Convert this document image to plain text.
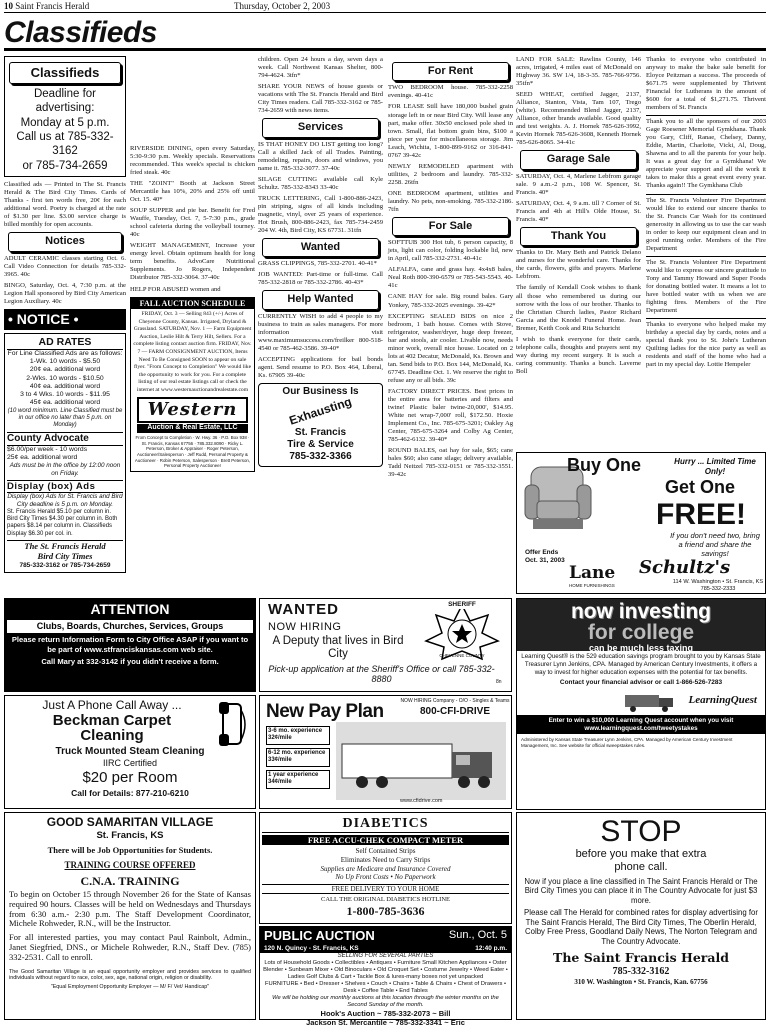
10 Saint Francis Herald	Thursday, October 2, 2003
Classifieds
Classifieds
Deadline for advertising:
Monday at 5 p.m.
Call us at 785-332-3162
or 785-734-2659
Classified ads — Printed in The St. Francis Herald & The Bird City Times. Cards of Thanks - first ten words free, 20¢ for each additional word. Poetry is charged at the rate of $1.30 per line. $3.00 service charge is billed monthly for open accounts.
Notices
ADULT CERAMIC classes starting Oct. 6. Call Video Connection for details 785-332-3965. 40c
BINGO, Saturday, Oct. 4, 7:30 p.m. at the Legion Hall sponsored by Bird City American Legion Auxiliary. 40c
• NOTICE •
AD RATES
For Line Classified Ads are as follows:
1-Wk. 10 words - $5.50
20¢ ea. additional word
2-Wks. 10 words - $10.50
40¢ ea. additional word
3 to 4 Wks. 10 words - $11.95
45¢ ea. additional word
(10 word minimum. Line Classified must be in our office no later than 5 p.m. on Monday)
County Advocate
$6.00/per week - 10 words
25¢ ea. additional word
Ads must be in the office by 12:00 noon on Friday.
Display (box) Ads
Display (box) Ads for St. Francis and Bird City deadline is 5 p.m. on Monday.
St. Francis Herald $5.10 per column in. Bird City Times $4.30 per column in. Both papers $8.14 per column in. Classifieds Display $6.30 per col. in.
The St. Francis Herald
Bird City Times
785-332-3162 or 785-734-2659
RIVERSIDE DINING, open every Saturday, 5:30-9:30 p.m. Weekly specials. Reservations recommended. This week's special is chicken fried steak. 40c
THE "ZOINT" Booth at Jackson Street Mercantile has 10%, 20% and 25% off until Oct. 15. 40*
SOUP SUPPER and pie bar. Benefit for Fred Wauffe, Tuesday, Oct. 7, 5-7:30 p.m., grade school cafeteria during the volleyball tourney. 40c
WEIGHT MANAGEMENT, Increase your energy level. Obtain optimum health for long term benefits. AdvoCare Nutritional Supplements. Jo Rogers, Independent Distributor 785-332-3064. 37-40c
HELP FOR ABUSED women and
FALL AUCTION SCHEDULE
FRIDAY, Oct. 3 — Selling 843 (+/-) Acres of Cheyenne County, Kansas. Irrigated, Dryland & Grassland. SATURDAY, Nov. 1 — Farm Equipment Auction, Leslie Hilt & Terry Hilt, Sellers. For a complete listing contact auction firm. FRIDAY, Nov. 7 — FARM CONSIGNMENT AUCTION, Items Need To Be Consigned SOON to appear on sale flyer. "From Concept to Completion" We would like the opportunity to work for you. For a complete listing of our real estate listings call or check the internet at www.westernauctionandrealestate.com
Western
Auction & Real Estate, LLC
From Concept to Completion · W. Hwy. 36 · P.O. Box 938 · St. Francis, Kansas 67756 · 785.332.8090 · Ricky L. Peterson, Broker & Appraiser · Roger Peterson, Auctioneer/Salesperson · Jeff Rudd, Personal Property & Auctioneer · Robin Peterson, Salesperson · Brett Peterson, Personal Property Auctioneer
children. Open 24 hours a day, seven days a week. Call Northwest Kansas Shelter, 800-794-4624. 3tfn*
SHARE YOUR NEWS of house guests or vacations with The St. Francis Herald and Bird City Times readers. Call 785-332-3162 or 785-734-2659 with news items.
Services
IS THAT HONEY DO LIST getting too long? Call a skilled Jack of all Trades. Painting, remodeling, repairs, doors and windows, you name it. 785-332-3077. 37-40c
SILAGE CUTTING available call Kyle Schultz. 785-332-8343 33-40c
TRUCK LETTERING, Call 1-800-886-2423, pin striping, signs of all kinds including magnetic, vinyl, over 25 years of experience. Hot Brush, 800-886-2423, fax 785-734-2459 204 W. 4th, Bird City, KS 67731. 31tfn
Wanted
GRASS CLIPPINGS, 785-332-2701. 40-41*
JOB WANTED: Part-time or full-time. Call 785-332-2818 or 785-332-2786. 40-43*
Help Wanted
CURRENTLY WISH to add 4 people to my business to train as sales managers. For more information visit www.maximumsuccess.com/freilker 800-518-4540 or 785-462-3586. 39-40*
ACCEPTING applications for bail bonds agent. Send resume to P.O. Box 464, Liberal, Ks. 67905 39-40c
Our Business Is
Exhausting
St. Francis
Tire & Service
785-332-3366
For Rent
TWO BEDROOM house. 785-332-2258 evenings. 40-41c
FOR LEASE Still have 180,000 bushel grain storage left in or near Bird City. Will lease any part, make offer. 30x50 enclosed pole shed in town. Small, flat bottom grain bins, $100 a piece per year for miscellaneous storage. Jim Leach, Wichita, 1-800-899-9162 or 316-841-0767 39-42c
NEWLY REMODELED apartment with utilities, 2 bedroom and laundry. 785-332-2258. 26tfn
ONE BEDROOM apartment, utilities and laundry. No pets, non-smoking. 785-332-2186. 7tfn
For Sale
SOFTTUB 300 Hot tub, 6 person capacity, 8 jets, light can color, folding lockable lid, new in April, call 785-332-2731. 40-41c
ALFALFA, cane and grass hay. 4x4x8 bales, Neal Roth 800-390-6579 or 785-543-5543. 40-41c
CANE HAY for sale. Big round bales. Gary Yonkey, 785-332-2025 evenings. 39-42*
EXCEPTING SEALED BIDS on nice 2 bedroom, 1 bath house. Comes with Stove, refrigerator, washer/dryer, huge deep freezer, bar and stools, air cooler. Livable now, needs minor work, overall nice house. Located on 2 lots at 402 Decatur, McDonald, Ks. Brown and tan. Send bids to P.O. Box 144, McDonald, Ks. 67745. Deadline Oct. 1. We reserve the right to refuse any or all bids. 39c
FACTORY DIRECT PRICES. Best prices in the entire area for batteries and filters and twine! Plastic baler twine-20,000', $14.95. White net wrap-7,000' roll, $172.50. Hoxie Implement Co., Inc. 785-675-3201; Oakley Ag Center, 785-675-3264 and Colby Ag Center, 785-462-6132. 39-40*
ROUND BALES, oat hay for sale, $65; cane bales $60; also cane silage; delivery available, Tadd Neitzel 785-332-0151 or 785-332-3551. 39-42c
LAND FOR SALE: Rawlins County, 146 acres, irrigated, 4 miles east of McDonald on Highway 36. SW 1/4, 18-3-35. 785-766-9756. 35tfn*
SEED WHEAT, certified Jagger, 2137, Alliance, Stanton, Vista, Tam 107, Trego (white). Recommended Blend Jagger, 2137, Alliance, other brands available. Good quality and test weights. A. J. Hornek 785-626-3992, Kevin Hornek 785-626-3608, Kenneth Hornek 785-626-8065. 34-41c
Garage Sale
SATURDAY, Oct. 4, Marlene Lebfrom garage sale. 9 a.m.-2 p.m., 108 W. Spencer, St. Francis. 40*
SATURDAY, Oct. 4, 9 a.m. till ? Corner of St. Francis and 4th at Hill's Olde House, St. Francis. 40*
Thank You
Thanks to Dr. Mary Beth and Patrick Delano and nurses for the wonderful care. Thanks for the cards, flowers, gifts and prayers. Marlene Lebfrom.
The family of Kendall Cook wishes to thank all those who remembered us during our sorrow with the loss of our brother. Thanks to the Christian Church ladies, Pastor Richard Garcia and the Knodel Funeral Home. Jean Bremer, Keith Cook and Rita Schuricht
I wish to thank everyone for their cards, telephone calls, thoughts and prayers sent my way during my recent surgery. It is such a caring community. Thanks a bunch. Laverne Boll
Thanks to everyone who contributed in anyway to make the bake sale benefit for Eloyce Peitzman a success. The proceeds of $671.75 were supplemented by Thrivent Financial for Lutherans in the amount of $600 for a total of $1,271.75. Thrivent members of St. Francis
Thank you to all the sponsors of our 2003 Gage Roesener Memorial Gymkhana. Thank you Gary, Cliff, Ranae, Chelsey, Danny, Eddie, Martin, Charlotte, Vicki, Al, Doug, Shawna and to all the parents for your help. It was a great day for a Gymkhana! We appreciate your support and all the work it takes to make this a great event every year. Thanks again!! The Gymkhana Club
The St. Francis Volunteer Fire Department would like to extend our sincere thanks to the St. Francis Car Wash for its continued generosity in allowing us to use the car wash in order to keep our equipment clean and in good running order. Members of the Fire Department
The St. Francis Volunteer Fire Department would like to express our sincere gratitude to Tony and Tammy Howard and Super Foods for donating bottled water. It means a lot to have bottled water with us when we are fighting fires. Members of the Fire Department
Thanks to everyone who helped make my birthday a special day by cards, notes and a special thank you to St. John's Lutheran Quilting ladies for the nice party as well as residents and staff of the home who had a part in my special day. Lottie Hempeler
Buy One	Hurry ... Limited Time Only!
Get One
FREE!
If you don't need two, bring a friend and share the savings!
Offer Ends Oct. 31, 2003
Lane
HOME FURNISHINGS
Schultz's
114 W. Washington • St. Francis, KS 785-332-2333
ATTENTION
Clubs, Boards, Churches, Services, Groups
Please return Information Form to City Office ASAP if you want to be part of www.stfranciskansas.com web site.
Call Mary at 332-3142 if you didn't receive a form.
WANTED
NOW HIRING
A Deputy that lives in Bird City
Pick-up application at the Sheriff's Office or call 785-332-8880
SHERIFF
CHEYENNE COUNTY
8n
now investing
for college
can be much less taxing
Learning Quest® is the 529 education savings program brought to you by Kansas State Treasurer Lynn Jenkins, CPA. Managed by American Century Investments, it offers a way to invest for higher education expenses with the potential for tax benefits.
Contact your financial advisor or call 1-866-526-7283
LearningQuest
Enter to win a $10,000 Learning Quest account when you visit www.learningquest.com/tweetystakes
Administered by Kansas State Treasurer Lynn Jenkins, CPA. Managed by American Century Investment Management, Inc. See website for official sweepstakes rules.
Just A Phone Call Away ...
Beckman Carpet
Cleaning
Truck Mounted Steam Cleaning
IIRC Certified
$20 per Room
Call for Details: 877-210-6210
New Pay Plan	NOW HIRING Company - O/O - Singles & Teams
800-CFI-DRIVE
3-6 mo. experience 32¢/mile
6-12 mo. experience 33¢/mile
1 year experience 34¢/mile
www.cfidrive.com
GOOD SAMARITAN VILLAGE
St. Francis, KS
There will be Job Opportunities for Students.
TRAINING COURSE OFFERED
C.N.A. TRAINING
To begin on October 15 through November 26 for the State of Kansas required 90 hours. Classes will be held on Wednesdays and Thursdays from 6:30 a.m.- 2:30 p.m. The Staff Development Coordinator, Michele Rohweder, R.N., will be the Instructor.
For all interested parties, you may contact Paul Rainbolt, Admin., Janet Siegfried, DNS., or Michele Rohweder, R.N., Staff Dev. (785) 332-2531. Call to enroll.
The Good Samaritan Village is an equal opportunity employer and provides services to qualified individuals without regard to race, color, sex, age, national origin, religion or disability.
"Equal Employment Opportunity Employer — M/ F/ Vet/ Handicap"
DIABETICS
FREE ACCU-CHEK COMPACT METER
Self Contained Strips
Eliminates Need to Carry Strips
Supplies are Medicare and Insurance Covered
No Up Front Costs • No Paperwork
FREE DELIVERY TO YOUR HOME
CALL THE ORIGINAL DIABETICS HOTLINE
1-800-785-3636
PUBLIC AUCTION	Sun., Oct. 5
120 N. Quincy - St. Francis, KS	12:40 p.m.
SELLING FOR SEVERAL PARTIES
Lots of Household Goods • Collectibles • Antiques • Furniture Small Kitchen Appliances • Oster Blender • Sunbeam Mixer • Old Binoculars • Old Croquet Set • Costume Jewelry • Weed Eater • Ladies Golf Clubs & Cart • Tackle Box & lures-many boxes not yet unpacked
FURNITURE • Bed • Dresser • Shelves • Couch • Chairs • Table & Chairs • Chest of Drawers • Desk • Coffee Table • End Tables
We will be holding our monthly auctions at this location through the winter months on the Second Sunday of the month.
Hook's Auction ~ 785-332-2073 ~ Bill
Jackson St. Mercantile ~ 785-332-3341 ~ Eric
STOP
before you make that extra phone call.
Now if you place a line classified in The Saint Francis Herald or The Bird City Times you can place it in The Country Advocate for just $3 more.
Please call The Herald for combined rates for display advertising for The Saint Francis Herald, The Bird City Times, The Oberlin Herald, Colby Free Press, Goodland Daily News, The Norton Telegram and The Country Advocate.
The Saint Francis Herald
785-332-3162
310 W. Washington • St. Francis, Kan. 67756
